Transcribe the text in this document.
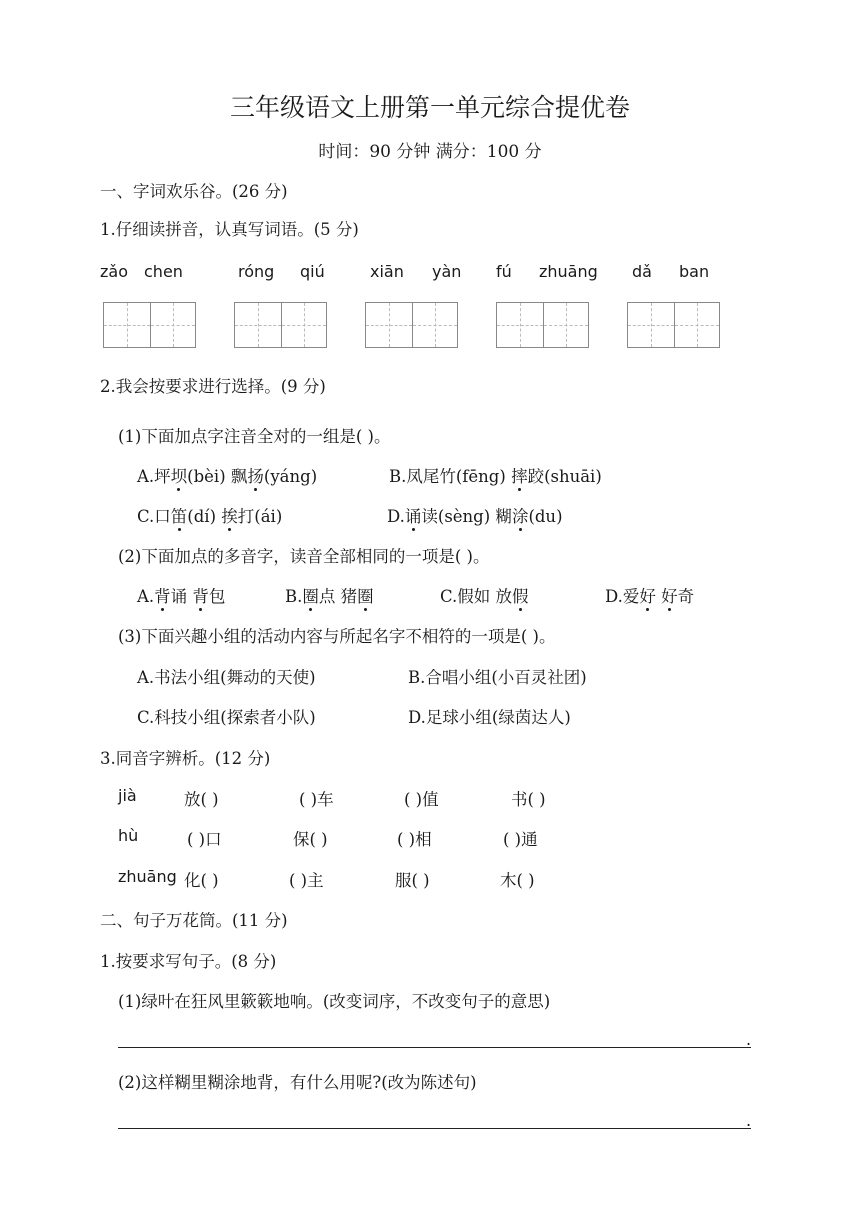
三年级语文上册第一单元综合提优卷
时间：90 分钟 满分：100 分
一、字词欢乐谷。(26 分)
1.仔细读拼音，认真写词语。(5 分)
zǎo chen	róng qiú	xiān yàn fú zhuāng dǎ ban
2.我会按要求进行选择。(9 分)
(1)下面加点字注音全对的一组是( )。
A.坪坝(bèi) 飘扬(yáng)	B.凤尾竹(fēng) 摔跤(shuāi)
C.口笛(dí) 挨打(ái)	D.诵读(sèng) 糊涂(du)
(2)下面加点的多音字，读音全部相同的一项是( )。
A.背诵 背包	B.圈点 猪圈	C.假如 放假	D.爱好 好奇
(3)下面兴趣小组的活动内容与所起名字不相符的一项是( )。
A.书法小组(舞动的天使)	B.合唱小组(小百灵社团)
C.科技小组(探索者小队)	D.足球小组(绿茵达人)
3.同音字辨析。(12 分)
jià	放( )	( )车	( )值	书( )
hù	( )口	保( )	( )相	( )通
zhuāng 化( )	( )主	服( )	木( )
二、句子万花筒。(11 分)
1.按要求写句子。(8 分)
(1)绿叶在狂风里簌簌地响。(改变词序，不改变句子的意思)
.
(2)这样糊里糊涂地背，有什么用呢?(改为陈述句)
.
